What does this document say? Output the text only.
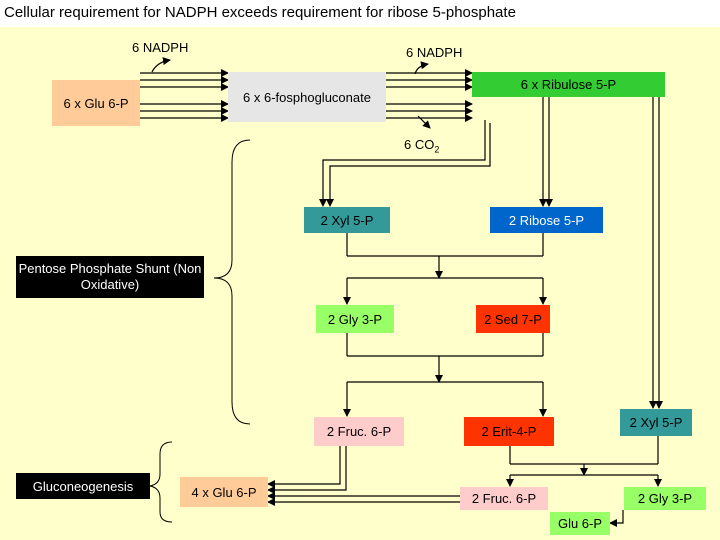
Cellular requirement for NADPH exceeds requirement for ribose 5-phosphate
6 NADPH	6 NADPH
6 $CO_2$
6 x Glu 6-P	6 x 6-fosphogluconate
6 x Ribulose 5-P
2 Xyl 5-P	2 Ribose 5-P
Pentose Phosphate Shunt (Non Oxidative)
2 Gly 3-P	2 Sed 7-P
2 Fruc. 6-P	2 Erit-4-P
2 Xyl 5-P
Gluconeogenesis	4 x Glu 6-P	2 Fruc. 6-P	2 Gly 3-P
Glu 6-P
